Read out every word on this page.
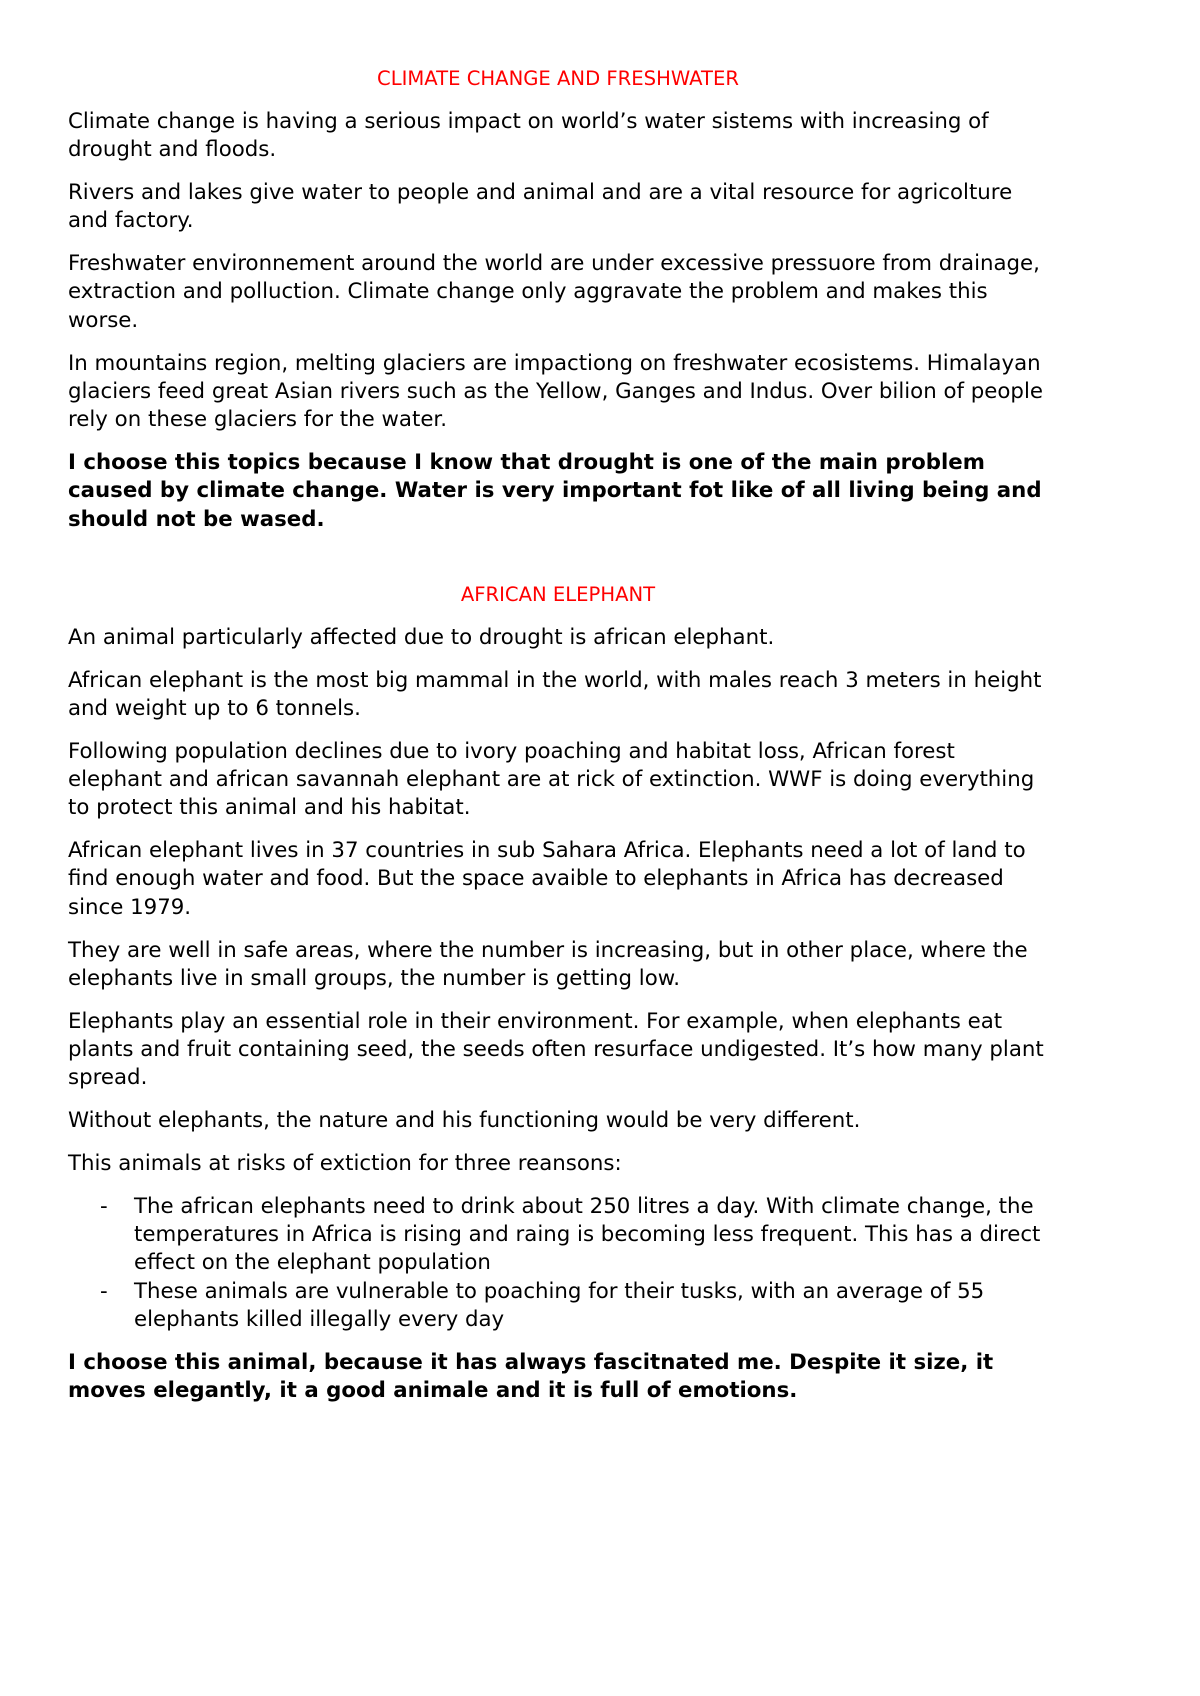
CLIMATE CHANGE AND FRESHWATER

Climate change is having a serious impact on world’s water sistems with increasing of drought and floods.

Rivers and lakes give water to people and animal and are a vital resource for agricolture and factory.

Freshwater environnement around the world are under excessive pressuore from drainage, extraction and polluction. Climate change only aggravate the problem and makes this worse.

In mountains region, melting glaciers are impactiong on freshwater ecosistems. Himalayan glaciers feed great Asian rivers such as the Yellow, Ganges and Indus. Over bilion of people rely on these glaciers for the water.

I choose this topics because I know that drought is one of the main problem caused by climate change. Water is very important fot like of all living being and should not be wased.

AFRICAN ELEPHANT

An animal particularly affected due to drought is african elephant.

African elephant is the most big mammal in the world, with males reach 3 meters in height and weight up to 6 tonnels.

Following population declines due to ivory poaching and habitat loss, African forest elephant and african savannah elephant are at rick of extinction. WWF is doing everything to protect this animal and his habitat.

African elephant lives in 37 countries in sub Sahara Africa. Elephants need a lot of land to find enough water and food. But the space avaible to elephants in Africa has decreased since 1979.

They are well in safe areas, where the number is increasing, but in other place, where the elephants live in small groups, the number is getting low.

Elephants play an essential role in their environment. For example, when elephants eat plants and fruit containing seed, the seeds often resurface undigested. It’s how many plant spread.

Without elephants, the nature and his functioning would be very different.

This animals at risks of extiction for three reansons:

- The african elephants need to drink about 250 litres a day. With climate change, the temperatures in Africa is rising and raing is becoming less frequent. This has a direct effect on the elephant population
- These animals are vulnerable to poaching for their tusks, with an average of 55 elephants killed illegally every day

I choose this animal, because it has always fascitnated me. Despite it size, it moves elegantly, it a good animale and it is full of emotions.
